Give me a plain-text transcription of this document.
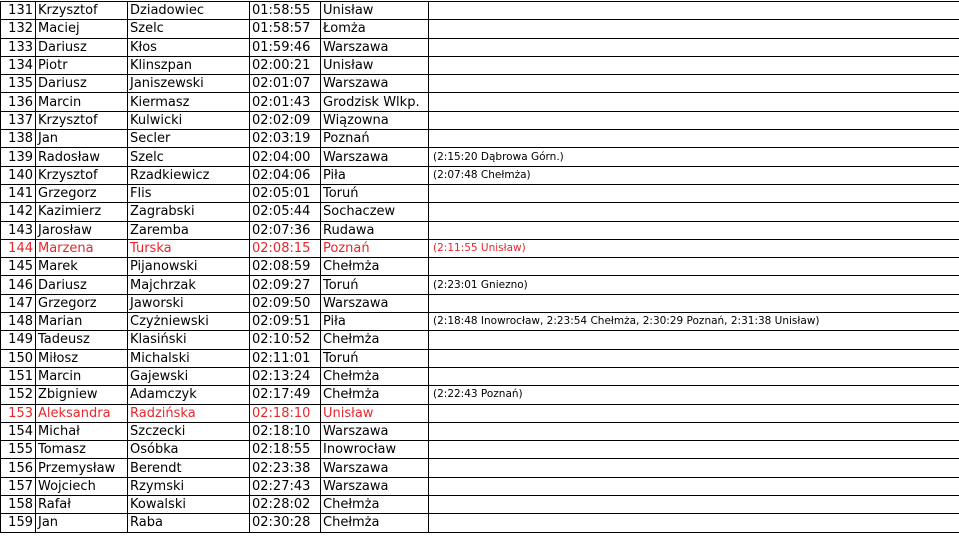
131	Krzysztof	Dziadowiec	01:58:55	Unisław	
132	Maciej	Szelc	01:58:57	Łomża	
133	Dariusz	Kłos	01:59:46	Warszawa	
134	Piotr	Klinszpan	02:00:21	Unisław	
135	Dariusz	Janiszewski	02:01:07	Warszawa	
136	Marcin	Kiermasz	02:01:43	Grodzisk Wlkp.	
137	Krzysztof	Kulwicki	02:02:09	Wiązowna	
138	Jan	Secler	02:03:19	Poznań	
139	Radosław	Szelc	02:04:00	Warszawa	(2:15:20 Dąbrowa Górn.)
140	Krzysztof	Rzadkiewicz	02:04:06	Piła	(2:07:48 Chełmża)
141	Grzegorz	Flis	02:05:01	Toruń	
142	Kazimierz	Zagrabski	02:05:44	Sochaczew	
143	Jarosław	Zaremba	02:07:36	Rudawa	
144	Marzena	Turska	02:08:15	Poznań	(2:11:55 Unisław)
145	Marek	Pijanowski	02:08:59	Chełmża	
146	Dariusz	Majchrzak	02:09:27	Toruń	(2:23:01 Gniezno)
147	Grzegorz	Jaworski	02:09:50	Warszawa	
148	Marian	Czyżniewski	02:09:51	Piła	(2:18:48 Inowrocław, 2:23:54 Chełmża, 2:30:29 Poznań, 2:31:38 Unisław)
149	Tadeusz	Klasiński	02:10:52	Chełmża	
150	Miłosz	Michalski	02:11:01	Toruń	
151	Marcin	Gajewski	02:13:24	Chełmża	
152	Zbigniew	Adamczyk	02:17:49	Chełmża	(2:22:43 Poznań)
153	Aleksandra	Radzińska	02:18:10	Unisław	
154	Michał	Szczecki	02:18:10	Warszawa	
155	Tomasz	Osóbka	02:18:55	Inowrocław	
156	Przemysław	Berendt	02:23:38	Warszawa	
157	Wojciech	Rzymski	02:27:43	Warszawa	
158	Rafał	Kowalski	02:28:02	Chełmża	
159	Jan	Raba	02:30:28	Chełmża	
